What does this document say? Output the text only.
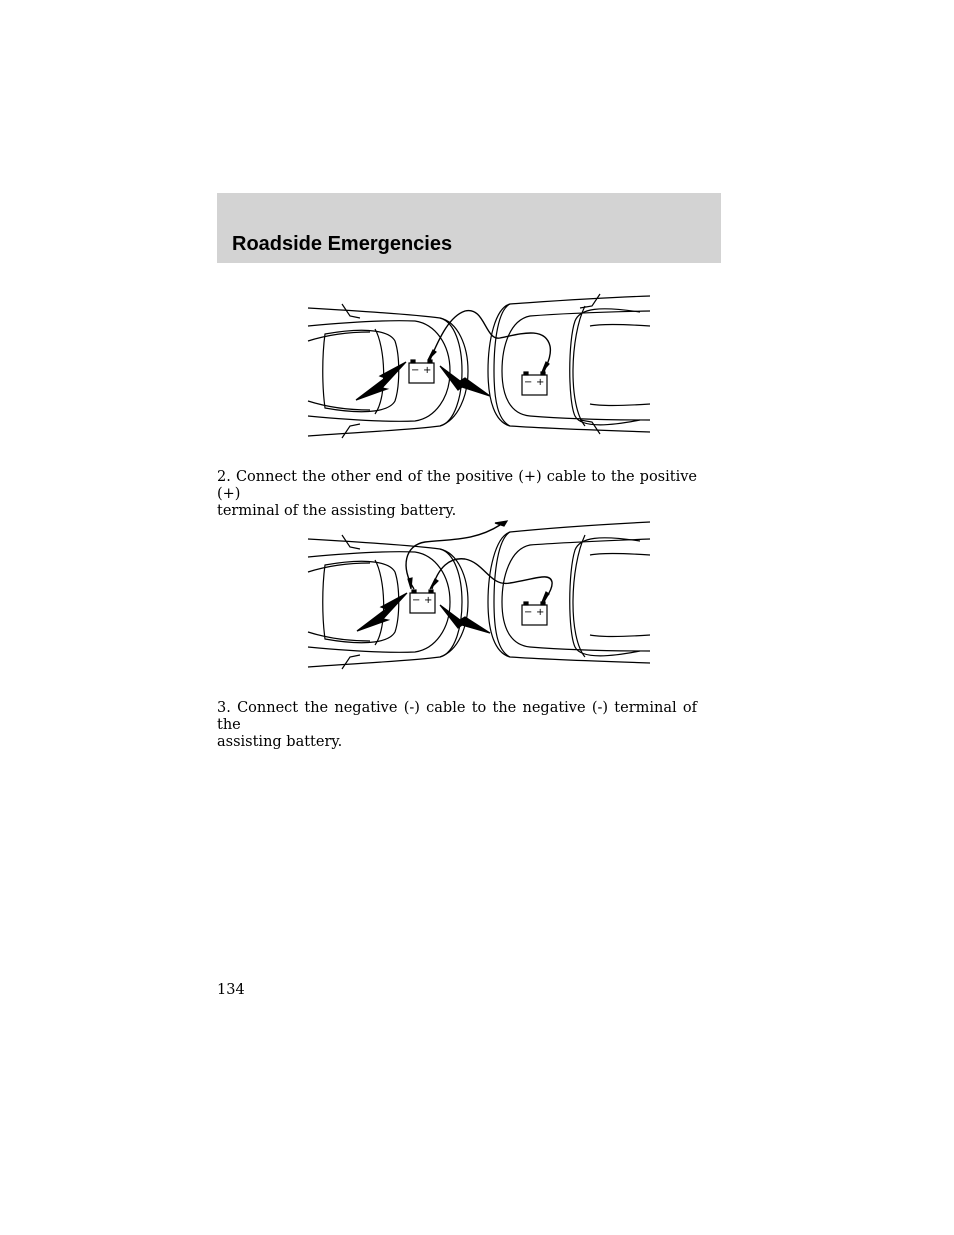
Roadside Emergencies
− +
− +
2. Connect the other end of the positive (+) cable to the positive (+)
terminal of the assisting battery.
− +
− +
3. Connect the negative (-) cable to the negative (-) terminal of the
assisting battery.
134
